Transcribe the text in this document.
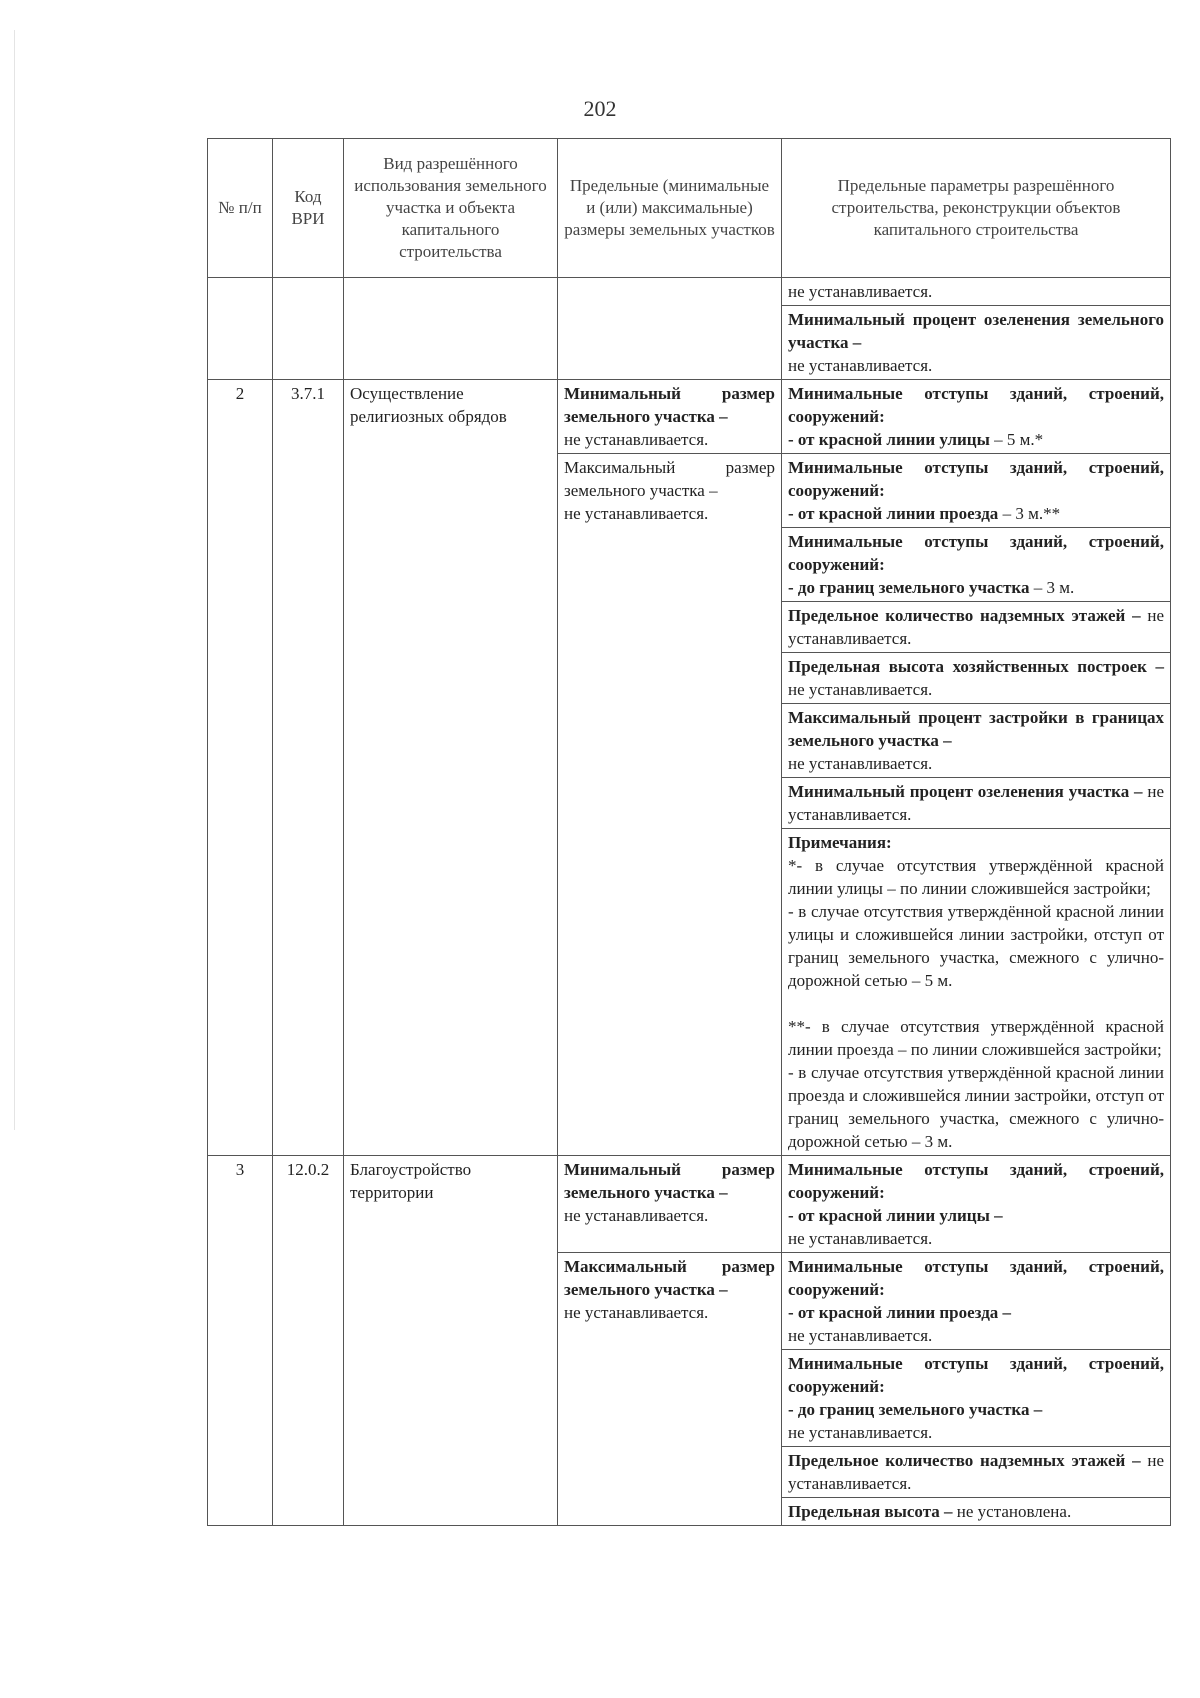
202
№ п/п	Код ВРИ	Вид разрешённого использования земельного участка и объекта капитального строительства	Предельные (минимальные и (или) максимальные) размеры земельных участков	Предельные параметры разрешённого строительства, реконструкции объектов капитального строительства
				не устанавливается.
				Минимальный процент озеленения земельного участка –
не устанавливается.
2	3.7.1	Осуществление религиозных обрядов	Минимальный размер земельного участка –
не устанавливается.	Минимальные отступы зданий, строений, сооружений:
- от красной линии улицы – 5 м.*
			Максимальный размер земельного участка –
не устанавливается.	Минимальные отступы зданий, строений, сооружений:
- от красной линии проезда – 3 м.**
				Минимальные отступы зданий, строений, сооружений:
- до границ земельного участка – 3 м.
				Предельное количество надземных этажей – не устанавливается.
				Предельная высота хозяйственных построек – не устанавливается.
				Максимальный процент застройки в границах земельного участка –
не устанавливается.
				Минимальный процент озеленения участка – не устанавливается.

				Примечания:
*- в случае отсутствия утверждённой красной линии улицы – по линии сложившейся застройки;
- в случае отсутствия утверждённой красной линии улицы и сложившейся линии застройки, отступ от границ земельного участка, смежного с улично-дорожной сетью – 5 м.

**- в случае отсутствия утверждённой красной линии проезда – по линии сложившейся застройки;
- в случае отсутствия утверждённой красной линии проезда и сложившейся линии застройки, отступ от границ земельного участка, смежного с улично-дорожной сетью – 3 м.

3	12.0.2	Благоустройство территории	Минимальный размер земельного участка –
не устанавливается.	Минимальные отступы зданий, строений, сооружений:
- от красной линии улицы –
не устанавливается.
			Максимальный размер земельного участка –
не устанавливается.	Минимальные отступы зданий, строений, сооружений:
- от красной линии проезда –
не устанавливается.
				Минимальные отступы зданий, строений, сооружений:
- до границ земельного участка –
не устанавливается.
				Предельное количество надземных этажей – не устанавливается.
				Предельная высота – не установлена.
